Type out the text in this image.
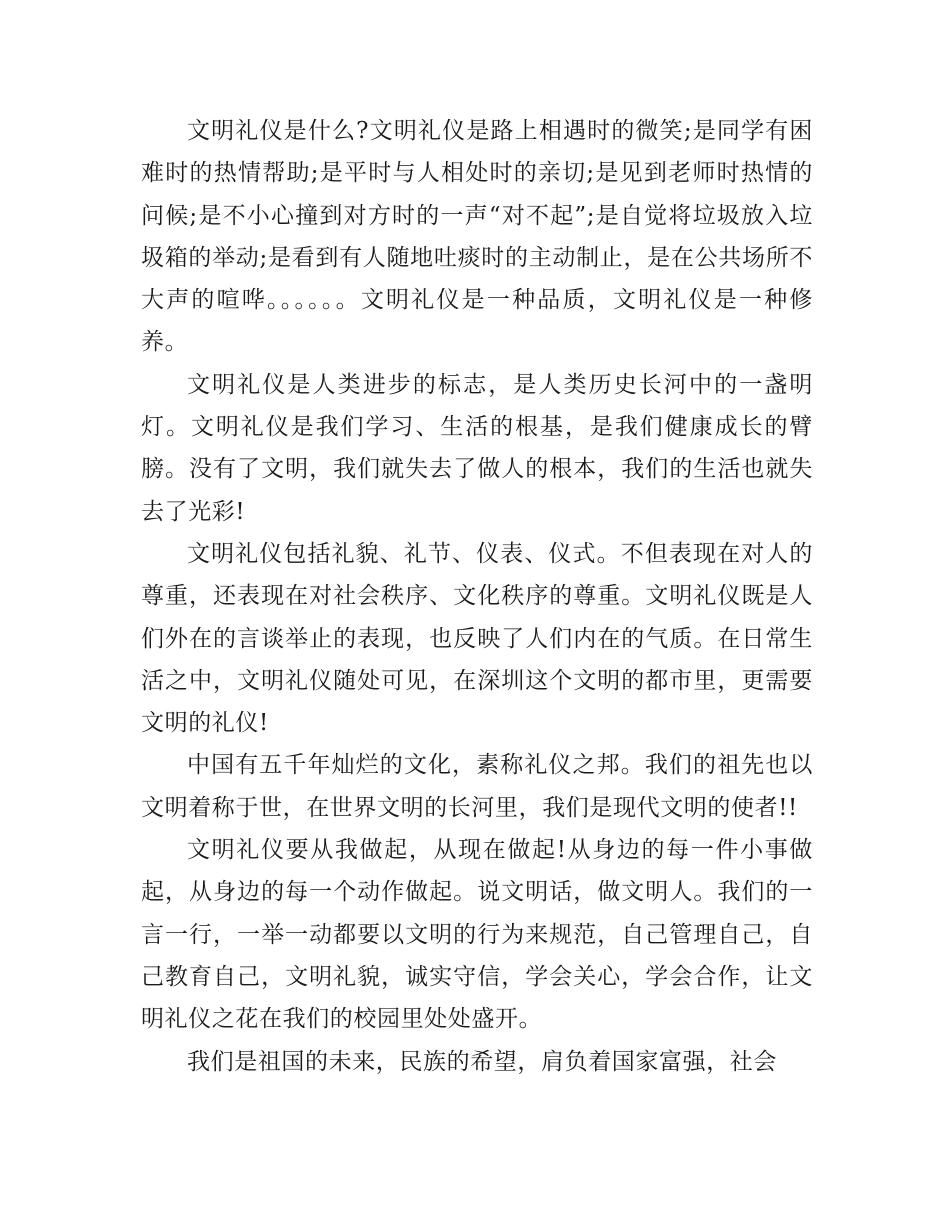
文明礼仪是什么?文明礼仪是路上相遇时的微笑;是同学有困难时的热情帮助;是平时与人相处时的亲切;是见到老师时热情的问候;是不小心撞到对方时的一声“对不起”;是自觉将垃圾放入垃圾箱的举动;是看到有人随地吐痰时的主动制止，是在公共场所不大声的喧哗。。。。。。文明礼仪是一种品质，文明礼仪是一种修养。

文明礼仪是人类进步的标志，是人类历史长河中的一盏明灯。文明礼仪是我们学习、生活的根基，是我们健康成长的臂膀。没有了文明，我们就失去了做人的根本，我们的生活也就失去了光彩!

文明礼仪包括礼貌、礼节、仪表、仪式。不但表现在对人的尊重，还表现在对社会秩序、文化秩序的尊重。文明礼仪既是人们外在的言谈举止的表现，也反映了人们内在的气质。在日常生活之中，文明礼仪随处可见，在深圳这个文明的都市里，更需要文明的礼仪!

中国有五千年灿烂的文化，素称礼仪之邦。我们的祖先也以文明着称于世，在世界文明的长河里，我们是现代文明的使者!!

文明礼仪要从我做起，从现在做起!从身边的每一件小事做起，从身边的每一个动作做起。说文明话，做文明人。我们的一言一行，一举一动都要以文明的行为来规范，自己管理自己，自己教育自己，文明礼貌，诚实守信，学会关心，学会合作，让文明礼仪之花在我们的校园里处处盛开。

我们是祖国的未来，民族的希望，肩负着国家富强，社会
